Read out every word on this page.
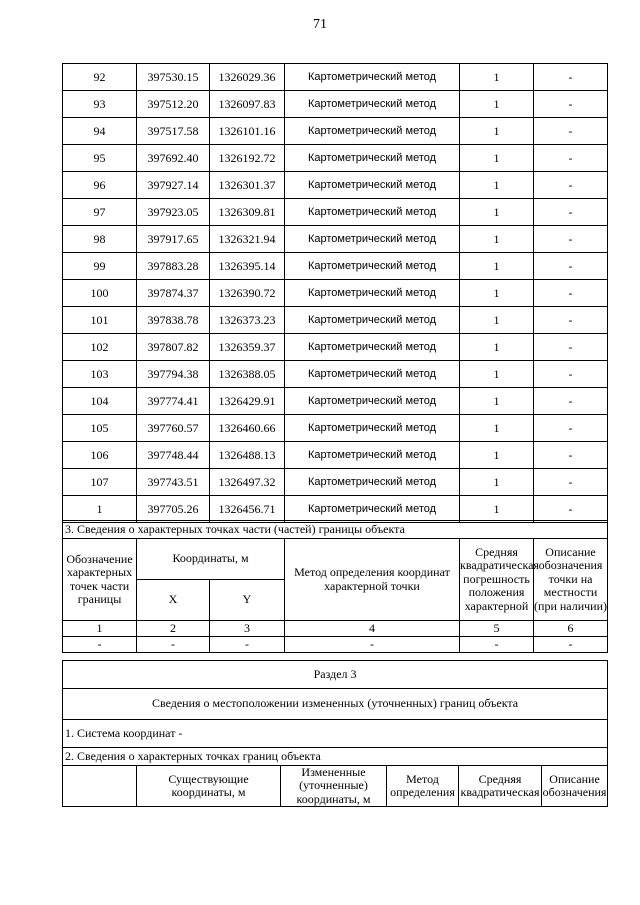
71
92	397530.15	1326029.36	Картометрический метод	1	-
93	397512.20	1326097.83	Картометрический метод	1	-
94	397517.58	1326101.16	Картометрический метод	1	-
95	397692.40	1326192.72	Картометрический метод	1	-
96	397927.14	1326301.37	Картометрический метод	1	-
97	397923.05	1326309.81	Картометрический метод	1	-
98	397917.65	1326321.94	Картометрический метод	1	-
99	397883.28	1326395.14	Картометрический метод	1	-
100	397874.37	1326390.72	Картометрический метод	1	-
101	397838.78	1326373.23	Картометрический метод	1	-
102	397807.82	1326359.37	Картометрический метод	1	-
103	397794.38	1326388.05	Картометрический метод	1	-
104	397774.41	1326429.91	Картометрический метод	1	-
105	397760.57	1326460.66	Картометрический метод	1	-
106	397748.44	1326488.13	Картометрический метод	1	-
107	397743.51	1326497.32	Картометрический метод	1	-
1	397705.26	1326456.71	Картометрический метод	1	-
3. Сведения о характерных точках части (частей) границы объекта					
Обозначение характерных точек части границы	Координаты, м		Метод определения координат характерной точки	Средняя квадратическая погрешность положения характерной	Описание обозначения точки на местности (при наличии)
	X	Y			
1	2	3	4	5	6
-	-	-	-	-	-
Раздел 3
Сведения о местоположении измененных (уточненных) границ объекта
1. Система координат -
2. Сведения о характерных точках границ объекта
	Существующие координаты, м	Измененные (уточненные) координаты, м	Метод определения	Средняя квадратическая	Описание обозначения
